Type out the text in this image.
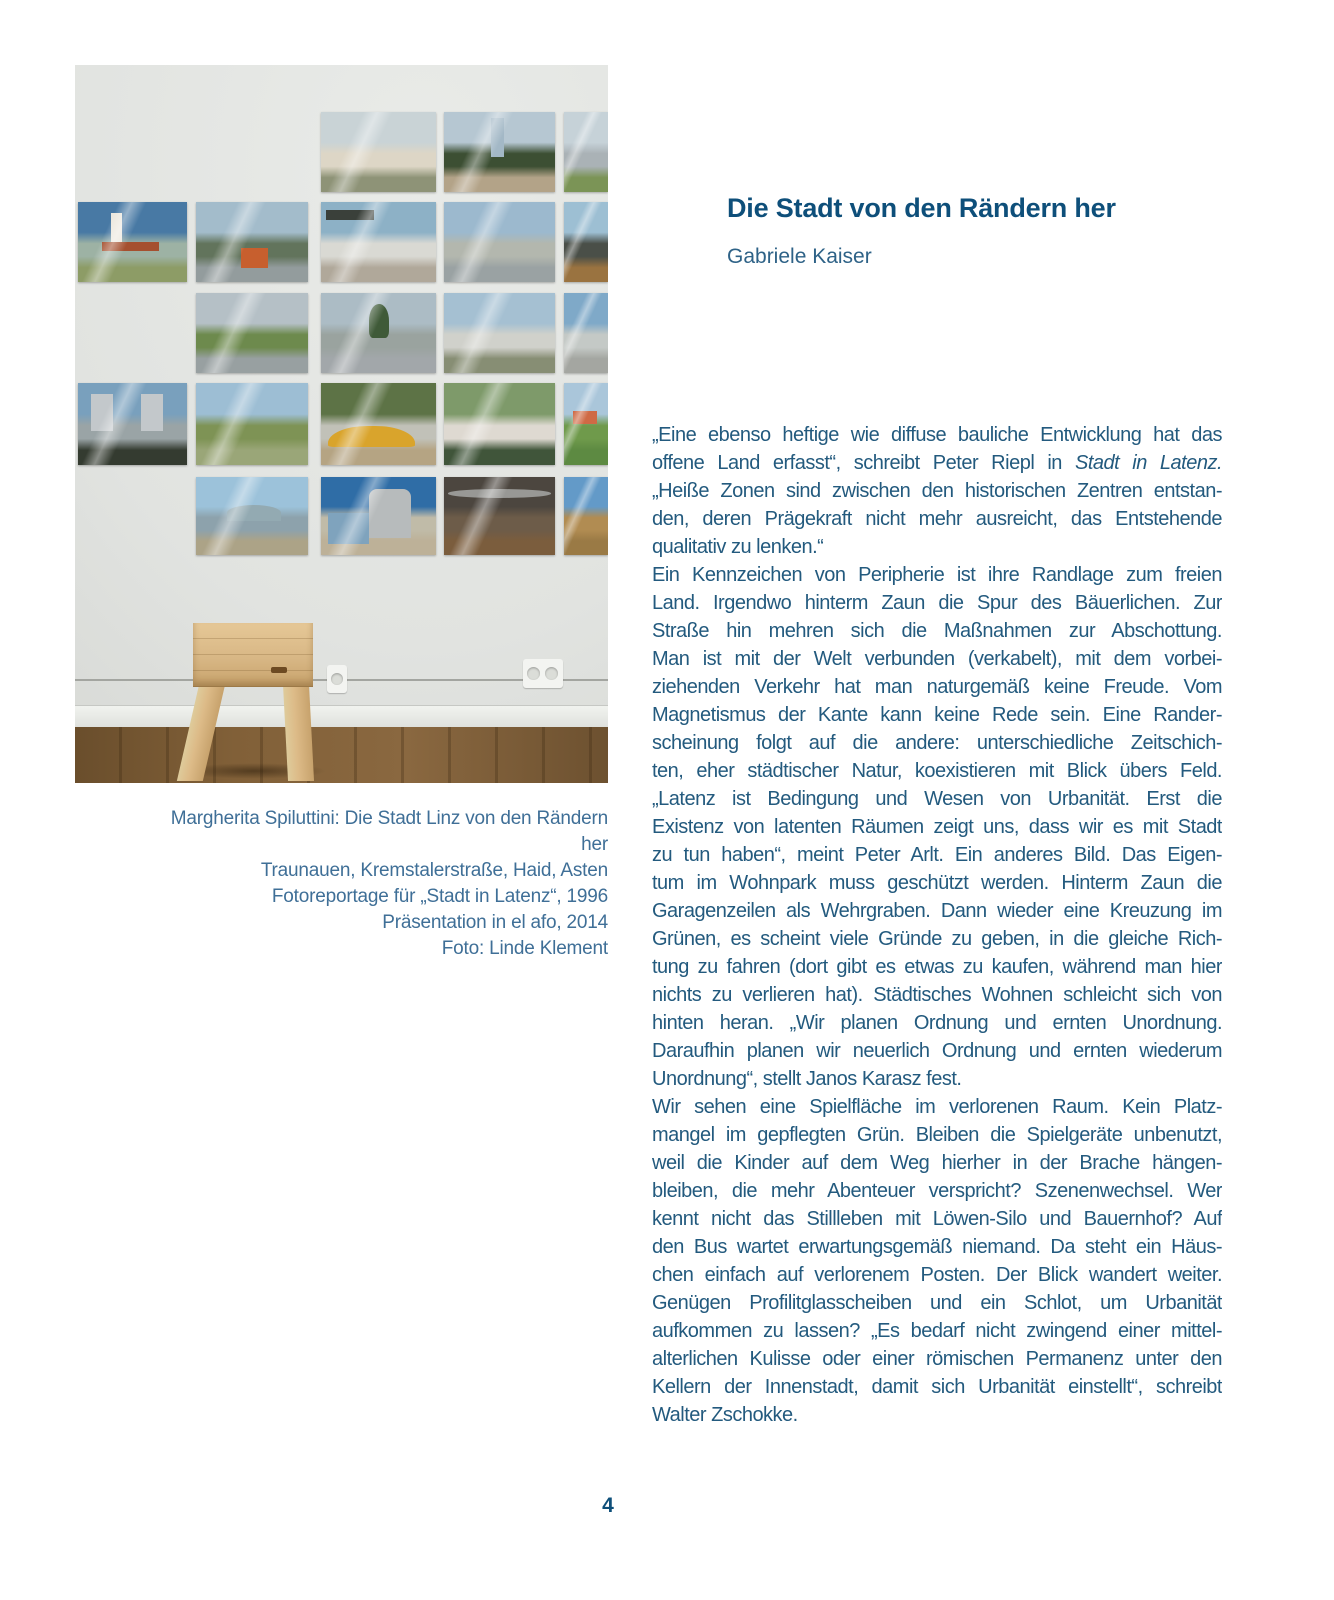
Margherita Spiluttini: Die Stadt Linz von den Rändern her
Traunauen, Kremstalerstraße, Haid, Asten
Fotoreportage für „Stadt in Latenz“, 1996
Präsentation in el afo, 2014
Foto: Linde Klement
Die Stadt von den Rändern her
Gabriele Kaiser
„Eine ebenso heftige wie diffuse bauliche Entwicklung hat das
offene Land erfasst“, schreibt Peter Riepl in Stadt in Latenz.
„Heiße Zonen sind zwischen den historischen Zentren entstan-
den, deren Prägekraft nicht mehr ausreicht, das Entstehende
qualitativ zu lenken.“
Ein Kennzeichen von Peripherie ist ihre Randlage zum freien
Land. Irgendwo hinterm Zaun die Spur des Bäuerlichen. Zur
Straße hin mehren sich die Maßnahmen zur Abschottung.
Man ist mit der Welt verbunden (verkabelt), mit dem vorbei-
ziehenden Verkehr hat man naturgemäß keine Freude. Vom
Magnetismus der Kante kann keine Rede sein. Eine Rander-
scheinung folgt auf die andere: unterschiedliche Zeitschich-
ten, eher städtischer Natur, koexistieren mit Blick übers Feld.
„Latenz ist Bedingung und Wesen von Urbanität. Erst die
Existenz von latenten Räumen zeigt uns, dass wir es mit Stadt
zu tun haben“, meint Peter Arlt. Ein anderes Bild. Das Eigen-
tum im Wohnpark muss geschützt werden. Hinterm Zaun die
Garagenzeilen als Wehrgraben. Dann wieder eine Kreuzung im
Grünen, es scheint viele Gründe zu geben, in die gleiche Rich-
tung zu fahren (dort gibt es etwas zu kaufen, während man hier
nichts zu verlieren hat). Städtisches Wohnen schleicht sich von
hinten heran. „Wir planen Ordnung und ernten Unordnung.
Daraufhin planen wir neuerlich Ordnung und ernten wiederum
Unordnung“, stellt Janos Karasz fest.
Wir sehen eine Spielfläche im verlorenen Raum. Kein Platz-
mangel im gepflegten Grün. Bleiben die Spielgeräte unbenutzt,
weil die Kinder auf dem Weg hierher in der Brache hängen-
bleiben, die mehr Abenteuer verspricht? Szenenwechsel. Wer
kennt nicht das Stillleben mit Löwen-Silo und Bauernhof? Auf
den Bus wartet erwartungsgemäß niemand. Da steht ein Häus-
chen einfach auf verlorenem Posten. Der Blick wandert weiter.
Genügen Profilitglasscheiben und ein Schlot, um Urbanität
aufkommen zu lassen? „Es bedarf nicht zwingend einer mittel-
alterlichen Kulisse oder einer römischen Permanenz unter den
Kellern der Innenstadt, damit sich Urbanität einstellt“, schreibt
Walter Zschokke.
4
